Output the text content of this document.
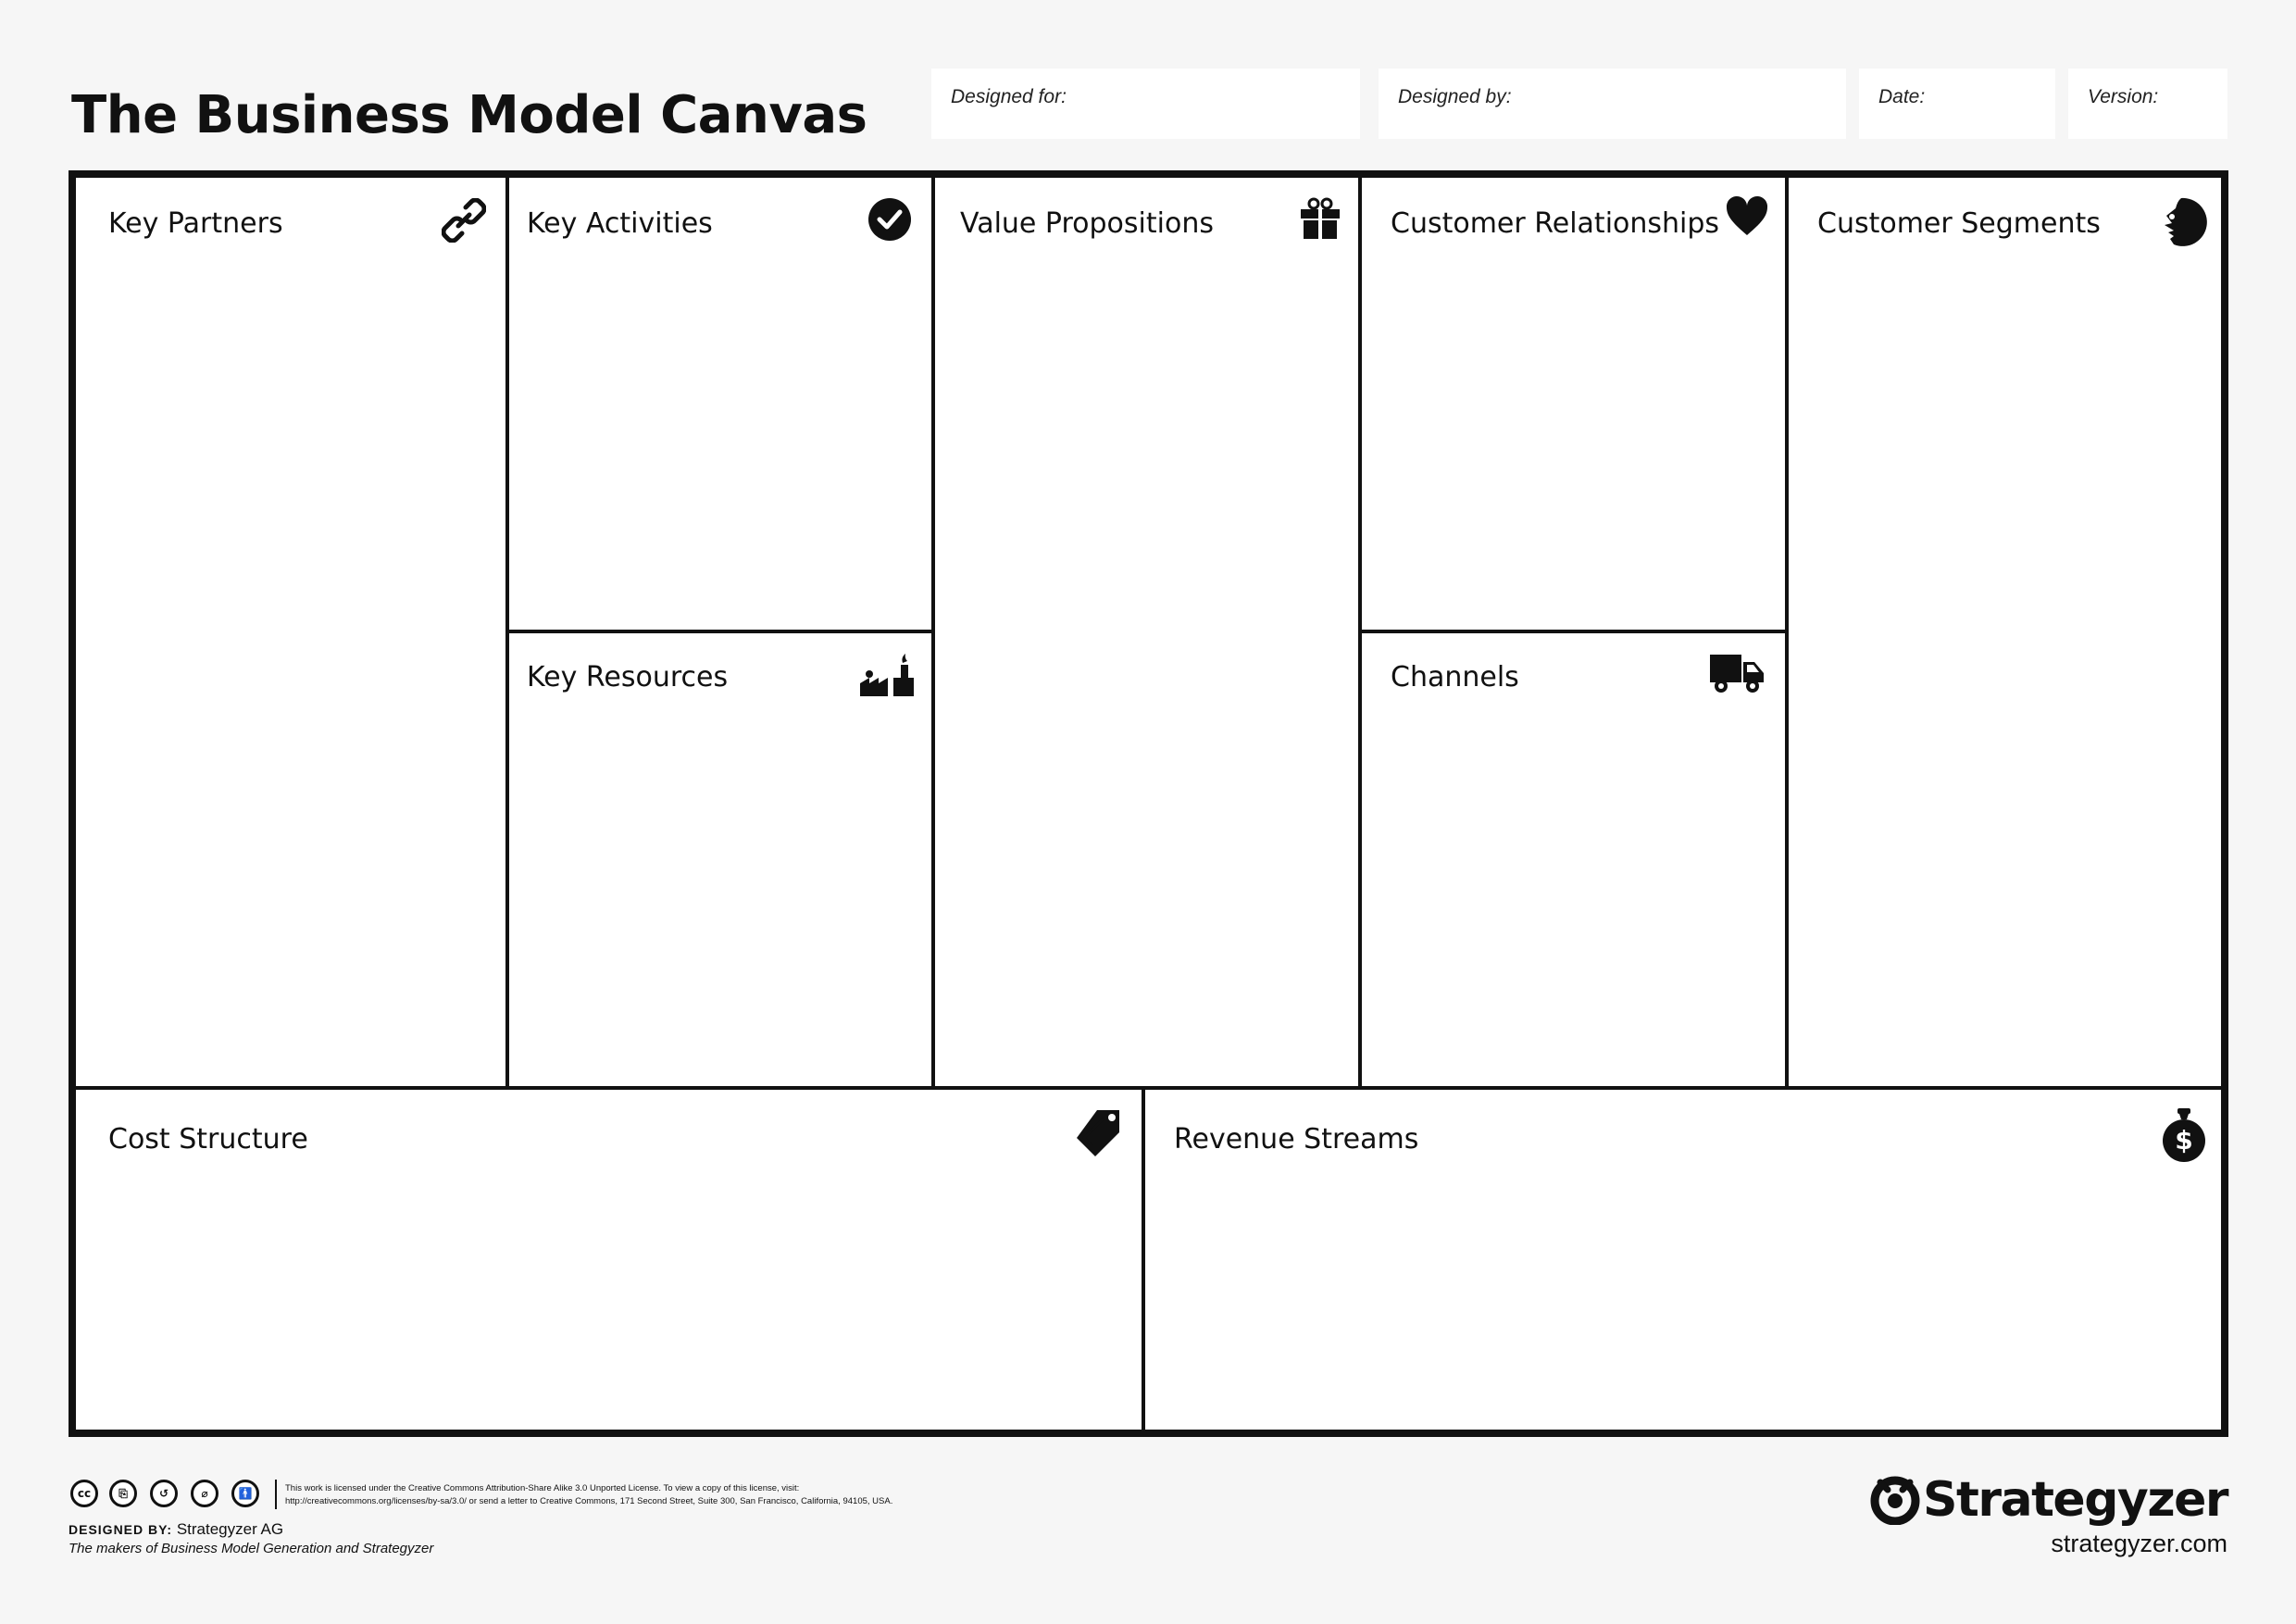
The Business Model Canvas	Designed for:	Designed by:	Date:	Version:
Key Partners	Key Activities
Key Resources
Value Propositions	Customer Relationships
Channels
Customer Segments
Cost Structure	Revenue Streams	$
cc	⎘	↺	⌀	🚹	This work is licensed under the Creative Commons Attribution-Share Alike 3.0 Unported License. To view a copy of this license, visit:
http://creativecommons.org/licenses/by-sa/3.0/ or send a letter to Creative Commons, 171 Second Street, Suite 300, San Francisco, California, 94105, USA.
DESIGNED BY: Strategyzer AG
The makers of Business Model Generation and Strategyzer
Strategyzer
strategyzer.com
